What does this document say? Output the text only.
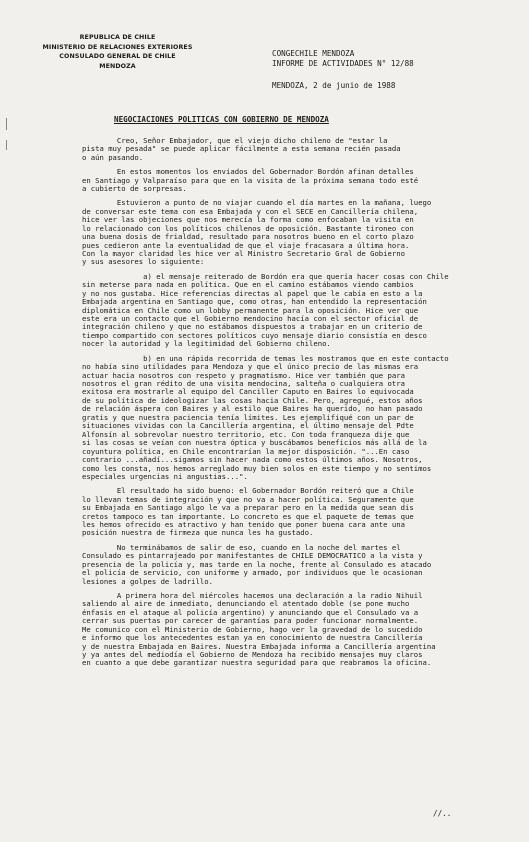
REPUBLICA DE CHILE
MINISTERIO DE RELACIONES EXTERIORES
CONSULADO GENERAL DE CHILE
MENDOZA
CONGECHILE MENDOZA
INFORME DE ACTIVIDADES N° 12/88
MENDOZA, 2 de junio de 1988
NEGOCIACIONES POLITICAS CON GOBIERNO DE MENDOZA

Creo, Señor Embajador, que el viejo dicho chileno de "estar la
pista muy pesada" se puede aplicar fácilmente a esta semana recién pasada
o aún pasando.

En estos momentos los enviados del Gobernador Bordón afinan detalles
en Santiago y Valparaíso para que en la visita de la próxima semana todo esté
a cubierto de sorpresas.

Estuvieron a punto de no viajar cuando el día martes en la mañana, luego
de conversar este tema con esa Embajada y con el SECE en Cancillería chilena,
hice ver las objeciones que nos merecía la forma como enfocaban la visita en
lo relacionado con los políticos chilenos de oposición. Bastante tironeo con
una buena dosis de frialdad, resultado para nosotros bueno en el corto plazo
pues cedieron ante la eventualidad de que el viaje fracasara a última hora.
Con la mayor claridad les hice ver al Ministro Secretario Gral de Gobierno
y sus asesores lo siguiente:

a) el mensaje reiterado de Bordón era que quería hacer cosas con Chile
sin meterse para nada en política. Que en el camino estábamos viendo cambios
y no nos gustaba. Hice referencias directas al papel que le cabía en esto a la
Embajada argentina en Santiago que, como otras, han entendido la representación
diplomática en Chile como un lobby permanente para la oposición. Hice ver que
este era un contacto que el Gobierno mendocino hacía con el sector oficial de
integración chileno y que no estábamos dispuestos a trabajar en un criterio de
tiempo compartido con sectores políticos cuyo mensaje diario consistía en desco
nocer la autoridad y la legitimidad del Gobierno chileno.

b) en una rápida recorrida de temas les mostramos que en este contacto
no había sino utilidades para Mendoza y que el único precio de las mismas era
actuar hacia nosotros con respeto y pragmatismo. Hice ver también que para
nosotros el gran rédito de una visita mendocina, salteña o cualquiera otra
exitosa era mostrarle al equipo del Canciller Caputo en Baires lo equivocada
de su política de ideologizar las cosas hacia Chile. Pero, agregué, estos años
de relación áspera con Baires y al estilo que Baires ha querido, no han pasado
gratis y que nuestra paciencia tenía límites. Les ejemplifiqué con un par de
situaciones vividas con la Cancillería argentina, el último mensaje del Pdte
Alfonsín al sobrevolar nuestro territorio, etc. Con toda franqueza dije que
si las cosas se veían con nuestra óptica y buscábamos beneficios más allá de la
coyuntura política, en Chile encontrarían la mejor disposición. "...En caso
contrario ...añadí...sigamos sin hacer nada como estos últimos años. Nosotros,
como les consta, nos hemos arreglado muy bien solos en este tiempo y no sentimos
especiales urgencias ni angustias...".

El resultado ha sido bueno: el Gobernador Bordón reiteró que a Chile
lo llevan temas de integración y que no va a hacer política. Seguramente que
su Embajada en Santiago algo le va a preparar pero en la medida que sean dis
cretos tampoco es tan importante. Lo concreto es que el paquete de temas que
les hemos ofrecido es atractivo y han tenido que poner buena cara ante una
posición nuestra de firmeza que nunca les ha gustado.

No terminábamos de salir de eso, cuando en la noche del martes el
Consulado es pintarrajeado por manifestantes de CHILE DEMOCRATICO a la vista y
presencia de la policía y, mas tarde en la noche, frente al Consulado es atacado
el policía de servicio, con uniforme y armado, por individuos que le ocasionan
lesiones a golpes de ladrillo.

A primera hora del miércoles hacemos una declaración a la radio Nihuil
saliendo al aire de inmediato, denunciando el atentado doble (se pone mucho
énfasis en el ataque al policía argentino) y anunciando que el Consulado va a
cerrar sus puertas por carecer de garantías para poder funcionar normalmente.
Me comunico con el Ministerio de Gobierno, hago ver la gravedad de lo sucedido
e informo que los antecedentes estan ya en conocimiento de nuestra Cancillería
y de nuestra Embajada en Baires. Nuestra Embajada informa a Cancillería argentina
y ya antes del mediodía el Gobierno de Mendoza ha recibido mensajes muy claros
en cuanto a que debe garantizar nuestra seguridad para que reabramos la oficina.

//..
